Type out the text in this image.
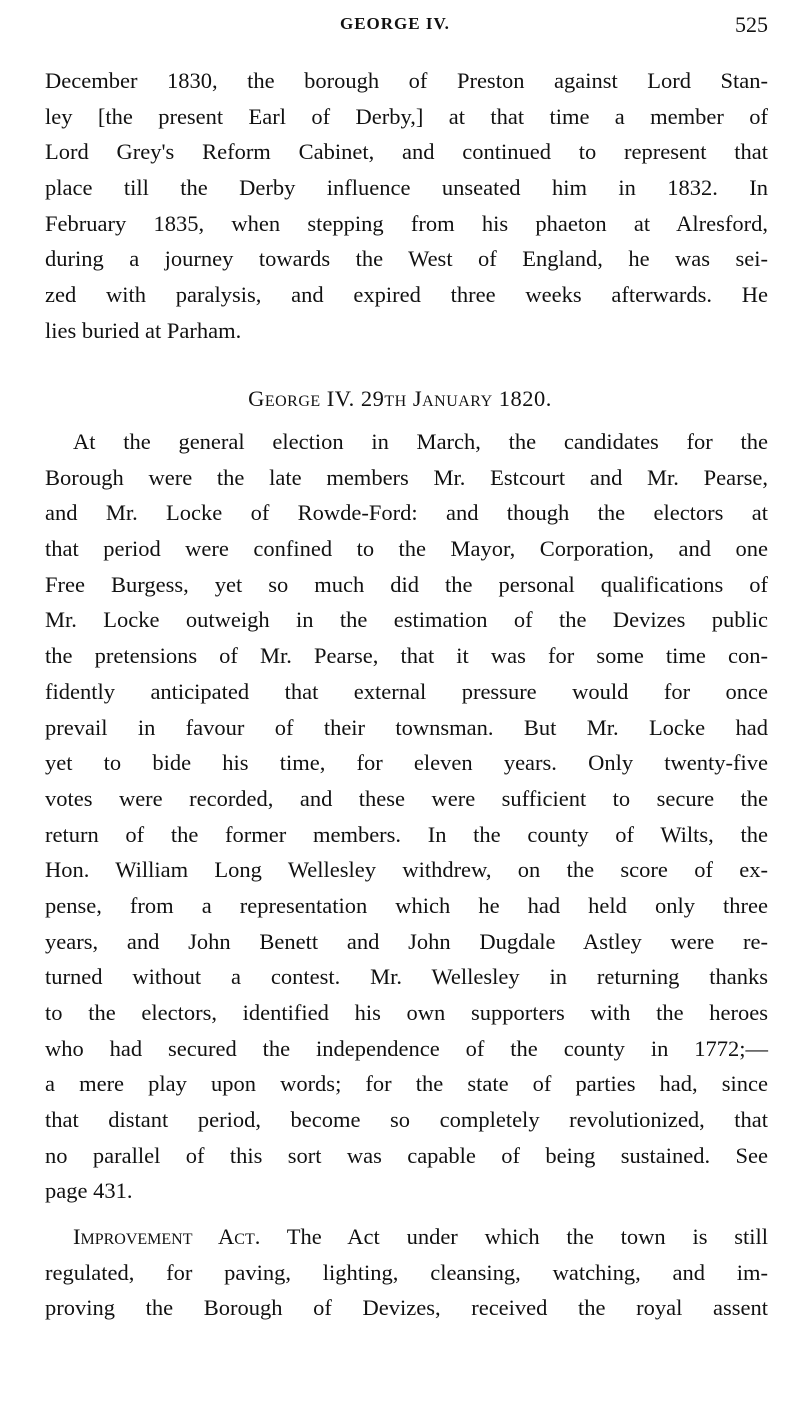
GEORGE IV.	525
December 1830, the borough of Preston against Lord Stan-
ley [the present Earl of Derby,] at that time a member of
Lord Grey's Reform Cabinet, and continued to represent that
place till the Derby influence unseated him in 1832. In
February 1835, when stepping from his phaeton at Alresford,
during a journey towards the West of England, he was sei-
zed with paralysis, and expired three weeks afterwards. He
lies buried at Parham.
George IV. 29th January 1820.
At the general election in March, the candidates for the
Borough were the late members Mr. Estcourt and Mr. Pearse,
and Mr. Locke of Rowde-Ford: and though the electors at
that period were confined to the Mayor, Corporation, and one
Free Burgess, yet so much did the personal qualifications of
Mr. Locke outweigh in the estimation of the Devizes public
the pretensions of Mr. Pearse, that it was for some time con-
fidently anticipated that external pressure would for once
prevail in favour of their townsman. But Mr. Locke had
yet to bide his time, for eleven years. Only twenty-five
votes were recorded, and these were sufficient to secure the
return of the former members. In the county of Wilts, the
Hon. William Long Wellesley withdrew, on the score of ex-
pense, from a representation which he had held only three
years, and John Benett and John Dugdale Astley were re-
turned without a contest. Mr. Wellesley in returning thanks
to the electors, identified his own supporters with the heroes
who had secured the independence of the county in 1772;—
a mere play upon words; for the state of parties had, since
that distant period, become so completely revolutionized, that
no parallel of this sort was capable of being sustained. See
page 431.
Improvement Act. The Act under which the town is still
regulated, for paving, lighting, cleansing, watching, and im-
proving the Borough of Devizes, received the royal assent
